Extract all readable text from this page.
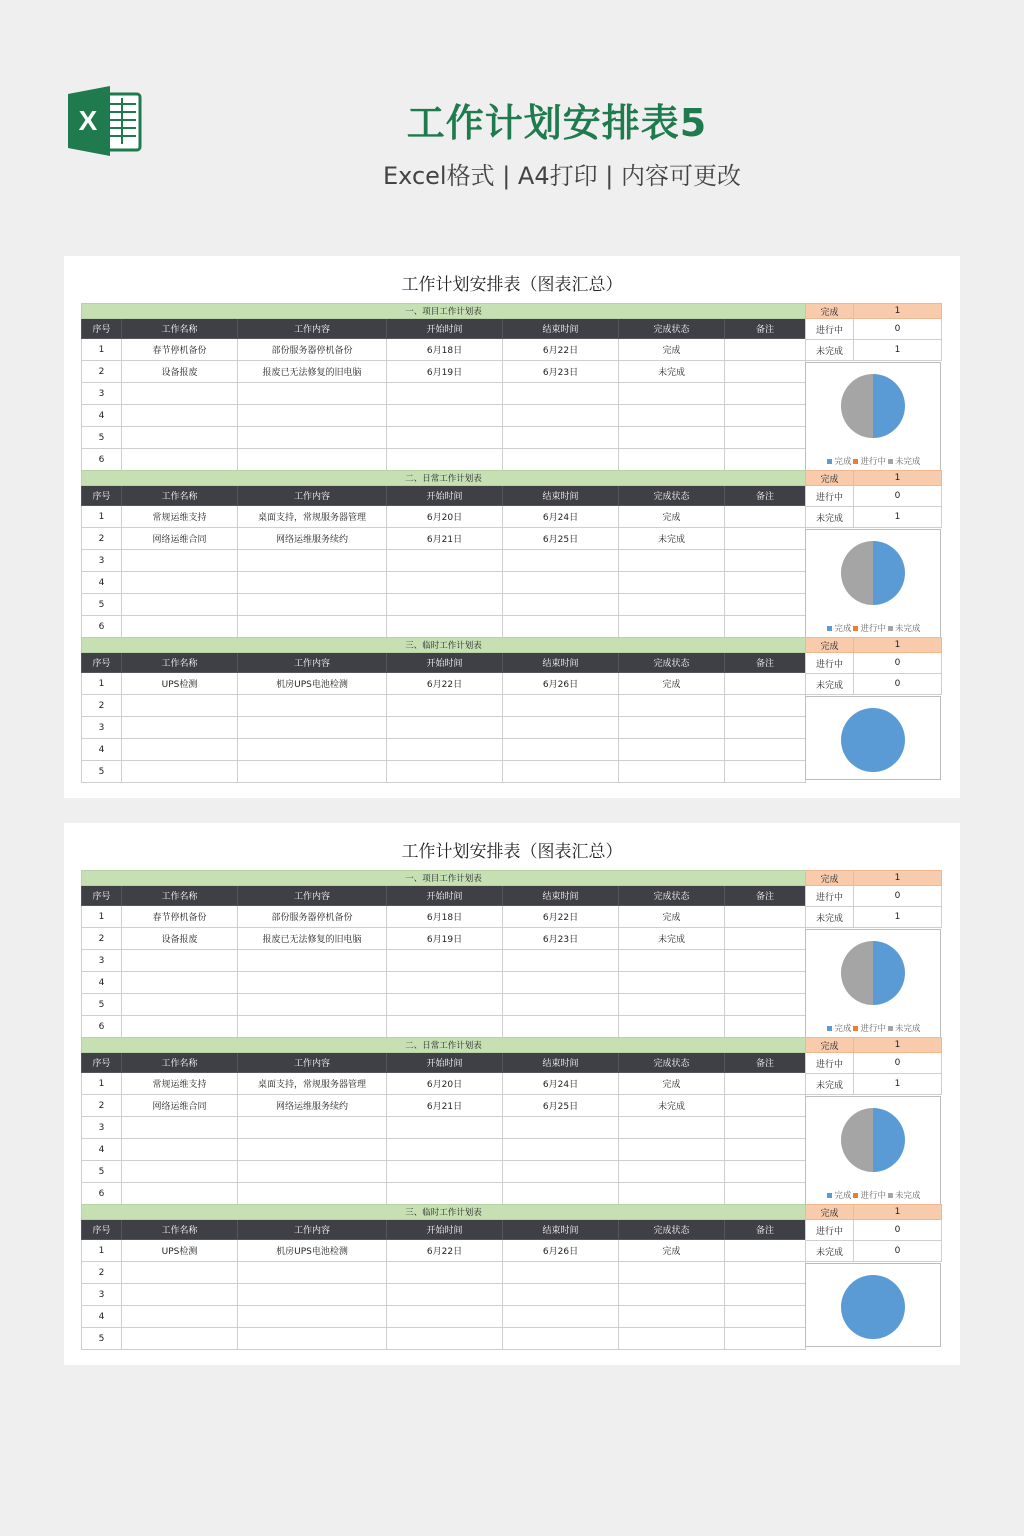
X	工作计划安排表5
Excel格式 | A4打印 | 内容可更改
工作计划安排表（图表汇总）
一、项目工作计划表						
序号	工作名称	工作内容	开始时间	结束时间	完成状态	备注
1	春节停机备份	部份服务器停机备份	6月18日	6月22日	完成	
2	设备报废	报废已无法修复的旧电脑	6月19日	6月23日	未完成	
3						
4						
5						
6						
完成	1
进行中	0
未完成	1
完成 进行中 未完成
二、日常工作计划表						
序号	工作名称	工作内容	开始时间	结束时间	完成状态	备注
1	常规运维支持	桌面支持，常规服务器管理	6月20日	6月24日	完成	
2	网络运维合同	网络运维服务续约	6月21日	6月25日	未完成	
3						
4						
5						
6						
完成	1
进行中	0
未完成	1
完成 进行中 未完成
三、临时工作计划表						
序号	工作名称	工作内容	开始时间	结束时间	完成状态	备注
1	UPS检测	机房UPS电池检测	6月22日	6月26日	完成	
2						
3						
4						
5						
完成	1
进行中	0
未完成	0
工作计划安排表（图表汇总）
一、项目工作计划表						
序号	工作名称	工作内容	开始时间	结束时间	完成状态	备注
1	春节停机备份	部份服务器停机备份	6月18日	6月22日	完成	
2	设备报废	报废已无法修复的旧电脑	6月19日	6月23日	未完成	
3						
4						
5						
6						
完成	1
进行中	0
未完成	1
完成 进行中 未完成
二、日常工作计划表						
序号	工作名称	工作内容	开始时间	结束时间	完成状态	备注
1	常规运维支持	桌面支持，常规服务器管理	6月20日	6月24日	完成	
2	网络运维合同	网络运维服务续约	6月21日	6月25日	未完成	
3						
4						
5						
6						
完成	1
进行中	0
未完成	1
完成 进行中 未完成
三、临时工作计划表						
序号	工作名称	工作内容	开始时间	结束时间	完成状态	备注
1	UPS检测	机房UPS电池检测	6月22日	6月26日	完成	
2						
3						
4						
5						
完成	1
进行中	0
未完成	0
